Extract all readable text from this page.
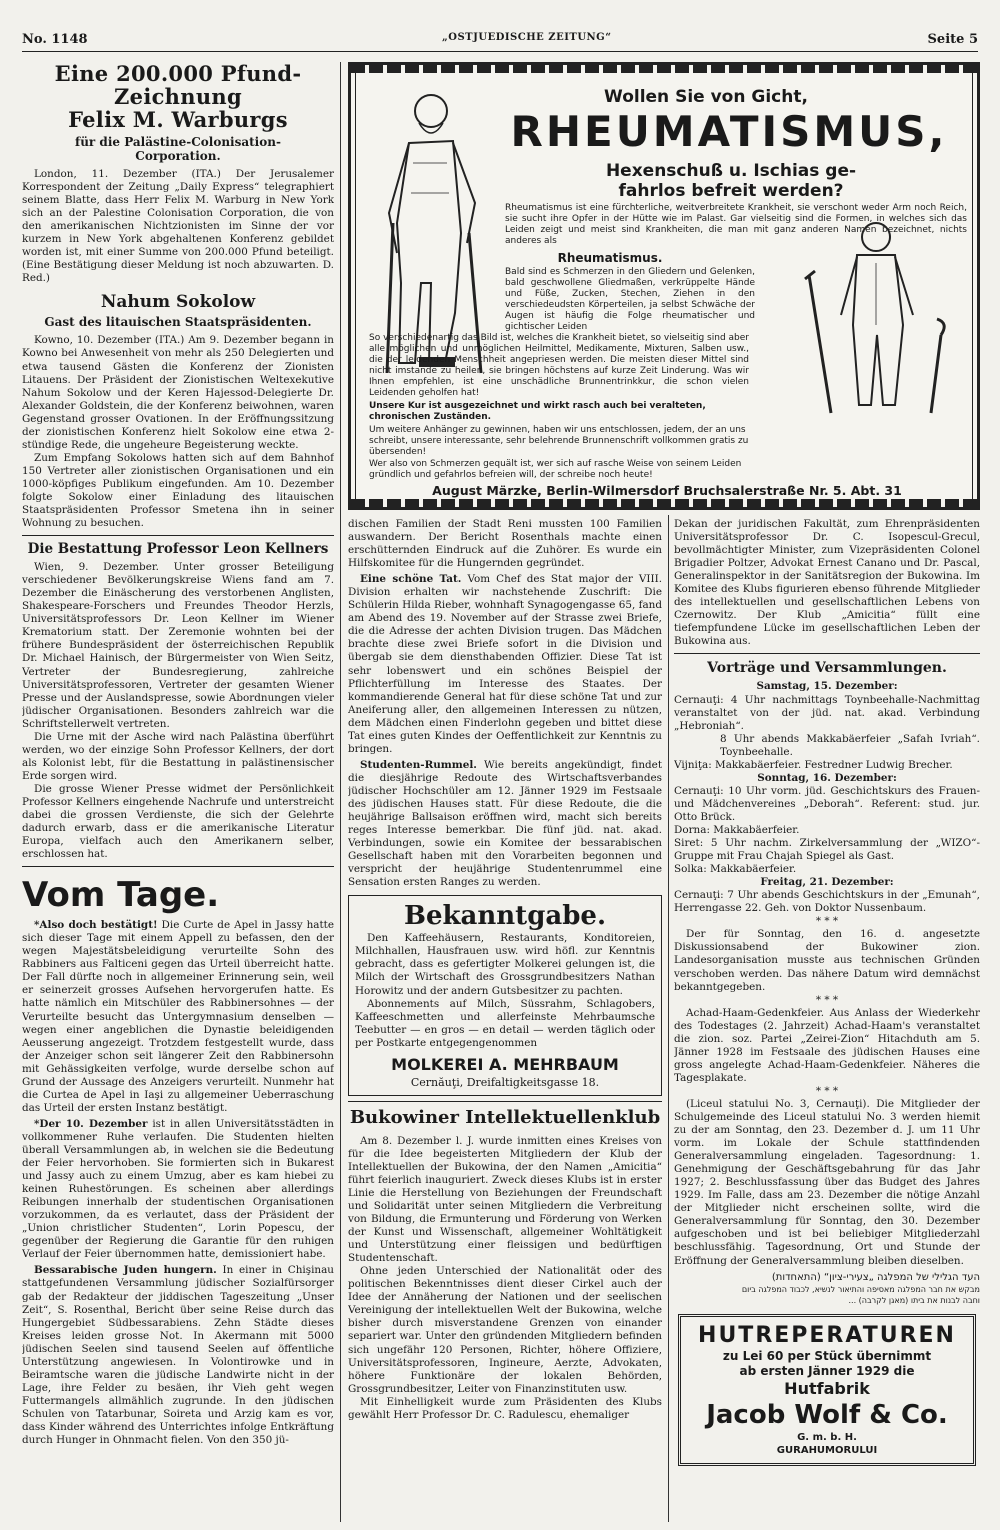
No. 1148	„OSTJUEDISCHE ZEITUNG“	Seite 5
Eine 200.000 Pfund-Zeichnung
Felix M. Warburgs
für die Palästine-Colonisation-
Corporation.

London, 11. Dezember (ITA.) Der Jerusalemer Korrespondent der Zeitung „Daily Express“ telegraphiert seinem Blatte, dass Herr Felix M. Warburg in New York sich an der Palestine Colonisation Corporation, die von den amerikanischen Nichtzionisten im Sinne der vor kurzem in New York abgehaltenen Konferenz gebildet worden ist, mit einer Summe von 200.000 Pfund beteiligt. (Eine Bestätigung dieser Meldung ist noch abzuwarten. D. Red.)

Nahum Sokolow
Gast des litauischen Staatspräsidenten.

Kowno, 10. Dezember (ITA.) Am 9. Dezember begann in Kowno bei Anwesenheit von mehr als 250 Delegierten und etwa tausend Gästen die Konferenz der Zionisten Litauens. Der Präsident der Zionistischen Weltexekutive Nahum Sokolow und der Keren Hajessod-Delegierte Dr. Alexander Goldstein, die der Konferenz beiwohnen, waren Gegenstand grosser Ovationen. In der Eröffnungssitzung der zionistischen Konferenz hielt Sokolow eine etwa 2-stündige Rede, die ungeheure Begeisterung weckte.

Zum Empfang Sokolows hatten sich auf dem Bahnhof 150 Vertreter aller zionistischen Organisationen und ein 1000-köpfiges Publikum eingefunden. Am 10. Dezember folgte Sokolow einer Einladung des litauischen Staatspräsidenten Professor Smetena ihn in seiner Wohnung zu besuchen.

Die Bestattung Professor Leon Kellners

Wien, 9. Dezember. Unter grosser Beteiligung verschiedener Bevölkerungskreise Wiens fand am 7. Dezember die Einäscherung des verstorbenen Anglisten, Shakespeare-Forschers und Freundes Theodor Herzls, Universitätsprofessors Dr. Leon Kellner im Wiener Krematorium statt. Der Zeremonie wohnten bei der frühere Bundespräsident der österreichischen Republik Dr. Michael Hainisch, der Bürgermeister von Wien Seitz, Vertreter der Bundesregierung, zahlreiche Universitätsprofessoren, Vertreter der gesamten Wiener Presse und der Auslandspresse, sowie Abordnungen vieler jüdischer Organisationen. Besonders zahlreich war die Schriftstellerwelt vertreten.

Die Urne mit der Asche wird nach Palästina überführt werden, wo der einzige Sohn Professor Kellners, der dort als Kolonist lebt, für die Bestattung in palästinensischer Erde sorgen wird.

Die grosse Wiener Presse widmet der Persönlichkeit Professor Kellners eingehende Nachrufe und unterstreicht dabei die grossen Verdienste, die sich der Gelehrte dadurch erwarb, dass er die amerikanische Literatur Europa, vielfach auch den Amerikanern selber, erschlossen hat.

Vom Tage.

*Also doch bestätigt! Die Curte de Apel in Jassy hatte sich dieser Tage mit einem Appell zu befassen, den der wegen Majestätsbeleidigung verurteilte Sohn des Rabbiners aus Falticeni gegen das Urteil überreicht hatte. Der Fall dürfte noch in allgemeiner Erinnerung sein, weil er seinerzeit grosses Aufsehen hervorgerufen hatte. Es hatte nämlich ein Mitschüler des Rabbinersohnes — der Verurteilte besucht das Untergymnasium denselben — wegen einer angeblichen die Dynastie beleidigenden Aeusserung angezeigt. Trotzdem festgestellt wurde, dass der Anzeiger schon seit längerer Zeit den Rabbinersohn mit Gehässigkeiten verfolge, wurde derselbe schon auf Grund der Aussage des Anzeigers verurteilt. Nunmehr hat die Curtea de Apel in Iaşi zu allgemeiner Ueberraschung das Urteil der ersten Instanz bestätigt.

*Der 10. Dezember ist in allen Universitätsstädten in vollkommener Ruhe verlaufen. Die Studenten hielten überall Versammlungen ab, in welchen sie die Bedeutung der Feier hervorhoben. Sie formierten sich in Bukarest und Jassy auch zu einem Umzug, aber es kam hiebei zu keinen Ruhestörungen. Es scheinen aber allerdings Reibungen innerhalb der studentischen Organisationen vorzukommen, da es verlautet, dass der Präsident der „Union christlicher Studenten“, Lorin Popescu, der gegenüber der Regierung die Garantie für den ruhigen Verlauf der Feier übernommen hatte, demissioniert habe.

Bessarabische Juden hungern. In einer in Chişinau stattgefundenen Versammlung jüdischer Sozialfürsorger gab der Redakteur der jiddischen Tageszeitung „Unser Zeit“, S. Rosenthal, Bericht über seine Reise durch das Hungergebiet Südbessarabiens. Zehn Städte dieses Kreises leiden grosse Not. In Akermann mit 5000 jüdischen Seelen sind tausend Seelen auf öffentliche Unterstützung angewiesen. In Volontirowke und in Beiramtsche waren die jüdische Landwirte nicht in der Lage, ihre Felder zu besäen, ihr Vieh geht wegen Futtermangels allmählich zugrunde. In den jüdischen Schulen von Tatarbunar, Soireta und Arzig kam es vor, dass Kinder während des Unterrichtes infolge Entkräftung durch Hunger in Ohnmacht fielen. Von den 350 jü-

Wollen Sie von Gicht,
RHEUMATISMUS,
Hexenschuß u. Ischias ge-
fahrlos befreit werden?
Rheumatismus ist eine fürchterliche, weitverbreitete Krankheit, sie verschont weder Arm noch Reich, sie sucht ihre Opfer in der Hütte wie im Palast. Gar vielseitig sind die Formen, in welches sich das Leiden zeigt und meist sind Krankheiten, die man mit ganz anderen Namen bezeichnet, nichts anderes als
Rheumatismus.
Bald sind es Schmerzen in den Gliedern und Gelenken, bald geschwollene Gliedmaßen, verkrüppelte Hände und Füße, Zucken, Stechen, Ziehen in den verschiedeudsten Körperteilen, ja selbst Schwäche der Augen ist häufig die Folge rheumatischer und gichtischer Leiden
So verschiedenartig das Bild ist, welches die Krankheit bietet, so vielseitig sind aber alle möglichen und unmöglichen Heilmittel, Medikamente, Mixturen, Salben usw., die der leidenden Menschheit angepriesen werden. Die meisten dieser Mittel sind nicht imstande zu heilen, sie bringen höchstens auf kurze Zeit Linderung. Was wir Ihnen empfehlen, ist eine unschädliche Brunnentrinkkur, die schon vielen Leidenden geholfen hat!
Unsere Kur ist ausgezeichnet und wirkt rasch auch bei veralteten, chronischen Zuständen.
Um weitere Anhänger zu gewinnen, haben wir uns entschlossen, jedem, der an uns schreibt, unsere interessante, sehr belehrende Brunnenschrift vollkommen gratis zu übersenden!
Wer also von Schmerzen gequält ist, wer sich auf rasche Weise von seinem Leiden gründlich und gefahrlos befreien will, der schreibe noch heute!
August Märzke, Berlin-Wilmersdorf Bruchsalerstraße Nr. 5. Abt. 31

dischen Familien der Stadt Reni mussten 100 Familien auswandern. Der Bericht Rosenthals machte einen erschütternden Eindruck auf die Zuhörer. Es wurde ein Hilfskomitee für die Hungernden gegründet.

Eine schöne Tat. Vom Chef des Stat major der VIII. Division erhalten wir nachstehende Zuschrift: Die Schülerin Hilda Rieber, wohnhaft Synagogengasse 65, fand am Abend des 19. November auf der Strasse zwei Briefe, die die Adresse der achten Division trugen. Das Mädchen brachte diese zwei Briefe sofort in die Division und übergab sie dem diensthabenden Offizier. Diese Tat ist sehr lobenswert und ein schönes Beispiel der Pflichterfüllung im Interesse des Staates. Der kommandierende General hat für diese schöne Tat und zur Aneiferung aller, den allgemeinen Interessen zu nützen, dem Mädchen einen Finderlohn gegeben und bittet diese Tat eines guten Kindes der Oeffentlichkeit zur Kenntnis zu bringen.

Studenten-Rummel. Wie bereits angekündigt, findet die diesjährige Redoute des Wirtschaftsverbandes jüdischer Hochschüler am 12. Jänner 1929 im Festsaale des jüdischen Hauses statt. Für diese Redoute, die die heujährige Ballsaison eröffnen wird, macht sich bereits reges Interesse bemerkbar. Die fünf jüd. nat. akad. Verbindungen, sowie ein Komitee der bessarabischen Gesellschaft haben mit den Vorarbeiten begonnen und verspricht der heujährige Studentenrummel eine Sensation ersten Ranges zu werden.

Bekanntgabe.

Den Kaffeehäusern, Restaurants, Konditoreien, Milchhallen, Hausfrauen usw. wird höfl. zur Kenntnis gebracht, dass es gefertigter Molkerei gelungen ist, die Milch der Wirtschaft des Grossgrundbesitzers Nathan Horowitz und der andern Gutsbesitzer zu pachten.

Abonnements auf Milch, Süssrahm, Schlagobers, Kaffeeschmetten und allerfeinste Mehrbaumsche Teebutter — en gros — en detail — werden täglich oder per Postkarte entgegengenommen

MOLKEREI A. MEHRBAUM
Cernăuţi, Dreifaltigkeitsgasse 18.
Bukowiner Intellektuellenklub

Am 8. Dezember l. J. wurde inmitten eines Kreises von für die Idee begeisterten Mitgliedern der Klub der Intellektuellen der Bukowina, der den Namen „Amicitia“ führt feierlich inauguriert. Zweck dieses Klubs ist in erster Linie die Herstellung von Beziehungen der Freundschaft und Solidarität unter seinen Mitgliedern die Verbreitung von Bildung, die Ermunterung und Förderung von Werken der Kunst und Wissenschaft, allgemeiner Wohltätigkeit und Unterstützung einer fleissigen und bedürftigen Studentenschaft.

Ohne jeden Unterschied der Nationalität oder des politischen Bekenntnisses dient dieser Cirkel auch der Idee der Annäherung der Nationen und der seelischen Vereinigung der intellektuellen Welt der Bukowina, welche bisher durch misverstandene Grenzen von einander separiert war. Unter den gründenden Mitgliedern befinden sich ungefähr 120 Personen, Richter, höhere Offiziere, Universitätsprofessoren, Ingineure, Aerzte, Advokaten, höhere Funktionäre der lokalen Behörden, Grossgrundbesitzer, Leiter von Finanzinstituten usw.

Mit Einhelligkeit wurde zum Präsidenten des Klubs gewählt Herr Professor Dr. C. Radulescu, ehemaliger

Dekan der juridischen Fakultät, zum Ehrenpräsidenten Universitätsprofessor Dr. C. Isopescul-Grecul, bevollmächtigter Minister, zum Vizepräsidenten Colonel Brigadier Poltzer, Advokat Ernest Canano und Dr. Pascal, Generalinspektor in der Sanitätsregion der Bukowina. Im Komitee des Klubs figurieren ebenso führende Mitglieder des intellektuellen und gesellschaftlichen Lebens von Czernowitz. Der Klub „Amicitia“ füllt eine tiefempfundene Lücke im gesellschaftlichen Leben der Bukowina aus.

Vorträge und Versammlungen.
Samstag, 15. Dezember:

Cernauţi: 4 Uhr nachmittags Toynbeehalle-Nachmittag veranstaltet von der jüd. nat. akad. Verbindung „Hebroniah“.

8 Uhr abends Makkabäerfeier „Safah Ivriah“. Toynbeehalle.

Vijniţa: Makkabäerfeier. Festredner Ludwig Brecher.

Sonntag, 16. Dezember:

Cernauţi: 10 Uhr vorm. jüd. Geschichtskurs des Frauen- und Mädchenvereines „Deborah“. Referent: stud. jur. Otto Brück.

Dorna: Makkabäerfeier.

Siret: 5 Uhr nachm. Zirkelversammlung der „WIZO“-Gruppe mit Frau Chajah Spiegel als Gast.

Solka: Makkabäerfeier.

Freitag, 21. Dezember:

Cernauţi: 7 Uhr abends Geschichtskurs in der „Emunah“, Herrengasse 22. Geh. von Doktor Nussenbaum.

* * *

Der für Sonntag, den 16. d. angesetzte Diskussionsabend der Bukowiner zion. Landesorganisation musste aus technischen Gründen verschoben werden. Das nähere Datum wird demnächst bekanntgegeben.

* * *

Achad-Haam-Gedenkfeier. Aus Anlass der Wiederkehr des Todestages (2. Jahrzeit) Achad-Haam's veranstaltet die zion. soz. Partei „Zeirei-Zion“ Hitachduth am 5. Jänner 1928 im Festsaale des jüdischen Hauses eine gross angelegte Achad-Haam-Gedenkfeier. Näheres die Tagesplakate.

* * *

(Liceul statului No. 3, Cernauţi). Die Mitglieder der Schulgemeinde des Liceul statului No. 3 werden hiemit zu der am Sonntag, den 23. Dezember d. J. um 11 Uhr vorm. im Lokale der Schule stattfindenden Generalversammlung eingeladen. Tagesordnung: 1. Genehmigung der Geschäftsgebahrung für das Jahr 1927; 2. Beschlussfassung über das Budget des Jahres 1929. Im Falle, dass am 23. Dezember die nötige Anzahl der Mitglieder nicht erscheinen sollte, wird die Generalversammlung für Sonntag, den 30. Dezember aufgeschoben und ist bei beliebiger Mitgliederzahl beschlussfähig. Tagesordnung, Ort und Stunde der Eröffnung der Generalversammlung bleiben dieselben.

העד הגלילי של המפלגה „צעירי-ציון“ (התאחדות)
מבקש את חבר המפלגה מאסיפה והתיאור לנשיא, לכבוד המפלגה ביום
וחבה לבנות את ביתו (מאגן לקרבה) ...
HUTREPERATUREN
zu Lei 60 per Stück übernimmt
ab ersten Jänner 1929 die
Hutfabrik
Jacob Wolf & Co.
G. m. b. H.
GURAHUMORULUI
